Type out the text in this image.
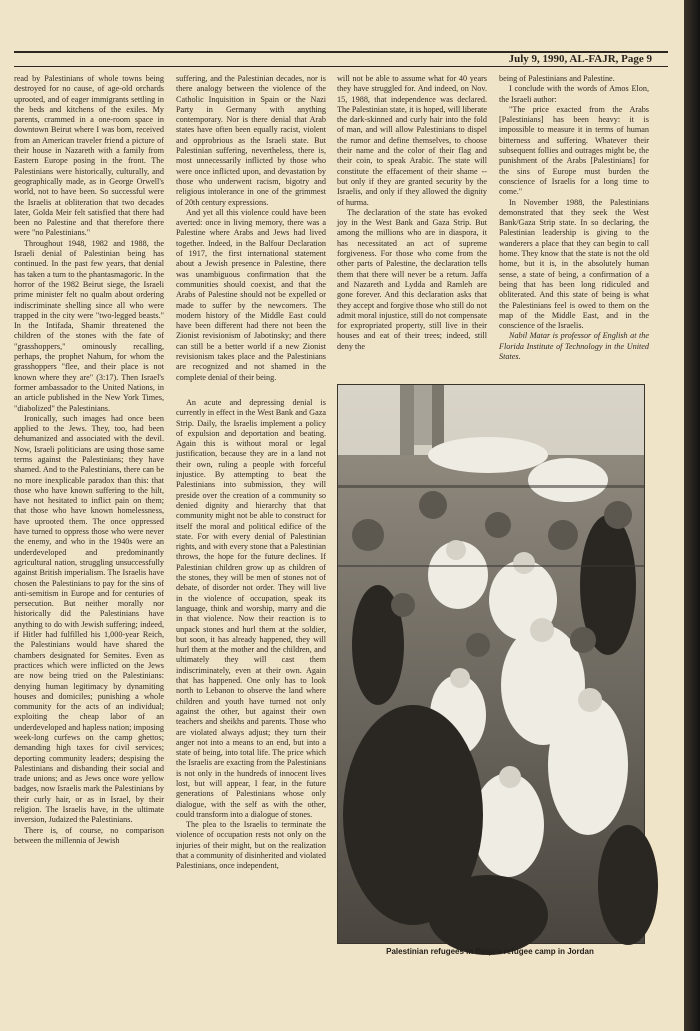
July 9, 1990, AL-FAJR, Page 9

read by Palestinians of whole towns being destroyed for no cause, of age-old orchards uprooted, and of eager immigrants settling in the beds and kitchens of the exiles. My parents, crammed in a one-room space in downtown Beirut where I was born, received from an American traveler friend a picture of their house in Nazareth with a family from Eastern Europe posing in the front. The Palestinians were historically, culturally, and geographically made, as in George Orwell's world, not to have been. So successful were the Israelis at obliteration that two decades later, Golda Meir felt satisfied that there had been no Palestine and that therefore there were "no Palestinians."

Throughout 1948, 1982 and 1988, the Israeli denial of Palestinian being has continued. In the past few years, that denial has taken a turn to the phantasmagoric. In the horror of the 1982 Beirut siege, the Israeli prime minister felt no qualm about ordering indiscriminate shelling since all who were trapped in the city were "two-legged beasts." In the Intifada, Shamir threatened the children of the stones with the fate of "grasshoppers," ominously recalling, perhaps, the prophet Nahum, for whom the grasshoppers "flee, and their place is not known where they are" (3:17). Then Israel's former ambassador to the United Nations, in an article published in the New York Times, "diabolized" the Palestinians.

Ironically, such images had once been applied to the Jews. They, too, had been dehumanized and associated with the devil. Now, Israeli politicians are using those same terms against the Palestinians; they have shamed. And to the Palestinians, there can be no more inexplicable paradox than this: that those who have known suffering to the hilt, have not hesitated to inflict pain on them; that those who have known homelessness, have uprooted them. The once oppressed have turned to oppress those who were never the enemy, and who in the 1940s were an underdeveloped and predominantly agricultural nation, struggling unsuccessfully against British imperialism. The Israelis have chosen the Palestinians to pay for the sins of anti-semitism in Europe and for centuries of persecution. But neither morally nor historically did the Palestinians have anything to do with Jewish suffering; indeed, if Hitler had fulfilled his 1,000-year Reich, the Palestinians would have shared the chambers designated for Semites. Even as practices which were inflicted on the Jews are now being tried on the Palestinians: denying human legitimacy by dynamiting houses and domiciles; punishing a whole community for the acts of an individual; exploiting the cheap labor of an underdeveloped and hapless nation; imposing week-long curfews on the camp ghettos; demanding high taxes for civil services; deporting community leaders; despising the Palestinians and disbanding their social and trade unions; and as Jews once wore yellow badges, now Israelis mark the Palestinians by their curly hair, or as in Israel, by their religion. The Israelis have, in the ultimate inversion, Judaized the Palestinians.

There is, of course, no comparison between the millennia of Jewish

suffering, and the Palestinian decades, nor is there analogy between the violence of the Catholic Inquisition in Spain or the Nazi Party in Germany with anything contemporary. Nor is there denial that Arab states have often been equally racist, violent and opprobrious as the Israeli state. But Palestinian suffering, nevertheless, there is, most unnecessarily inflicted by those who were once inflicted upon, and devastation by those who underwent racism, bigotry and religious intolerance in one of the grimmest of 20th century expressions.

And yet all this violence could have been averted: once in living memory, there was a Palestine where Arabs and Jews had lived together. Indeed, in the Balfour Declaration of 1917, the first international statement about a Jewish presence in Palestine, there was unambiguous confirmation that the communities should coexist, and that the Arabs of Palestine should not be expelled or made to suffer by the newcomers. The modern history of the Middle East could have been different had there not been the Zionist revisionism of Jabotinsky; and there can still be a better world if a new Zionist revisionism takes place and the Palestinians are recognized and not shamed in the complete denial of their being.

An acute and depressing denial is currently in effect in the West Bank and Gaza Strip. Daily, the Israelis implement a policy of expulsion and deportation and beating. Again this is without moral or legal justification, because they are in a land not their own, ruling a people with forceful injustice. By attempting to beat the Palestinians into submission, they will preside over the creation of a community so denied dignity and hierarchy that that community might not be able to construct for itself the moral and political edifice of the state. For with every denial of Palestinian rights, and with every stone that a Palestinian throws, the hope for the future declines. If Palestinian children grow up as children of the stones, they will be men of stones not of debate, of disorder not order. They will live in the violence of occupation, speak its language, think and worship, marry and die in that violence. Now their reaction is to unpack stones and hurl them at the soldier, but soon, it has already happened, they will hurl them at the mother and the children, and ultimately they will cast them indiscriminately, even at their own. Again that has happened. One only has to look north to Lebanon to observe the land where children and youth have turned not only against the other, but against their own teachers and sheikhs and parents. Those who are violated always adjust; they turn their anger not into a means to an end, but into a state of being, into total life. The price which the Israelis are exacting from the Palestinians is not only in the hundreds of innocent lives lost, but will appear, I fear, in the future generations of Palestinians whose only dialogue, with the self as with the other, could transform into a dialogue of stones.

The plea to the Israelis to terminate the violence of occupation rests not only on the injuries of their might, but on the realization that a community of disinherited and violated Palestinians, once independent,

will not be able to assume what for 40 years they have struggled for. And indeed, on Nov. 15, 1988, that independence was declared. The Palestinian state, it is hoped, will liberate the dark-skinned and curly hair into the fold of man, and will allow Palestinians to dispel the rumor and define themselves, to choose their name and the color of their flag and their coin, to speak Arabic. The state will constitute the effacement of their shame -- but only if they are granted security by the Israelis, and only if they allowed the dignity of hurma.

The declaration of the state has evoked joy in the West Bank and Gaza Strip. But among the millions who are in diaspora, it has necessitated an act of supreme forgiveness. For those who come from the other parts of Palestine, the declaration tells them that there will never be a return. Jaffa and Nazareth and Lydda and Ramleh are gone forever. And this declaration asks that they accept and forgive those who still do not admit moral injustice, still do not compensate for expropriated property, still live in their houses and eat of their trees; indeed, still deny the

being of Palestinians and Palestine.

I conclude with the words of Amos Elon, the Israeli author:

"The price exacted from the Arabs [Palestinians] has been heavy: it is impossible to measure it in terms of human bitterness and suffering. Whatever their subsequent follies and outrages might be, the punishment of the Arabs [Palestinians] for the sins of Europe must burden the conscience of Israelis for a long time to come."

In November 1988, the Palestinians demonstrated that they seek the West Bank/Gaza Strip state. In so declaring, the Palestinian leadership is giving to the wanderers a place that they can begin to call home. They know that the state is not the old home, but it is, in the absolutely human sense, a state of being, a confirmation of a being that has been long ridiculed and obliterated. And this state of being is what the Palestinians feel is owed to them on the map of the Middle East, and in the conscience of the Israelis.

Nabil Matar is professor of English at the Florida Institute of Technology in the United States.

Palestinian refugees in Baqa'a refugee camp in Jordan
